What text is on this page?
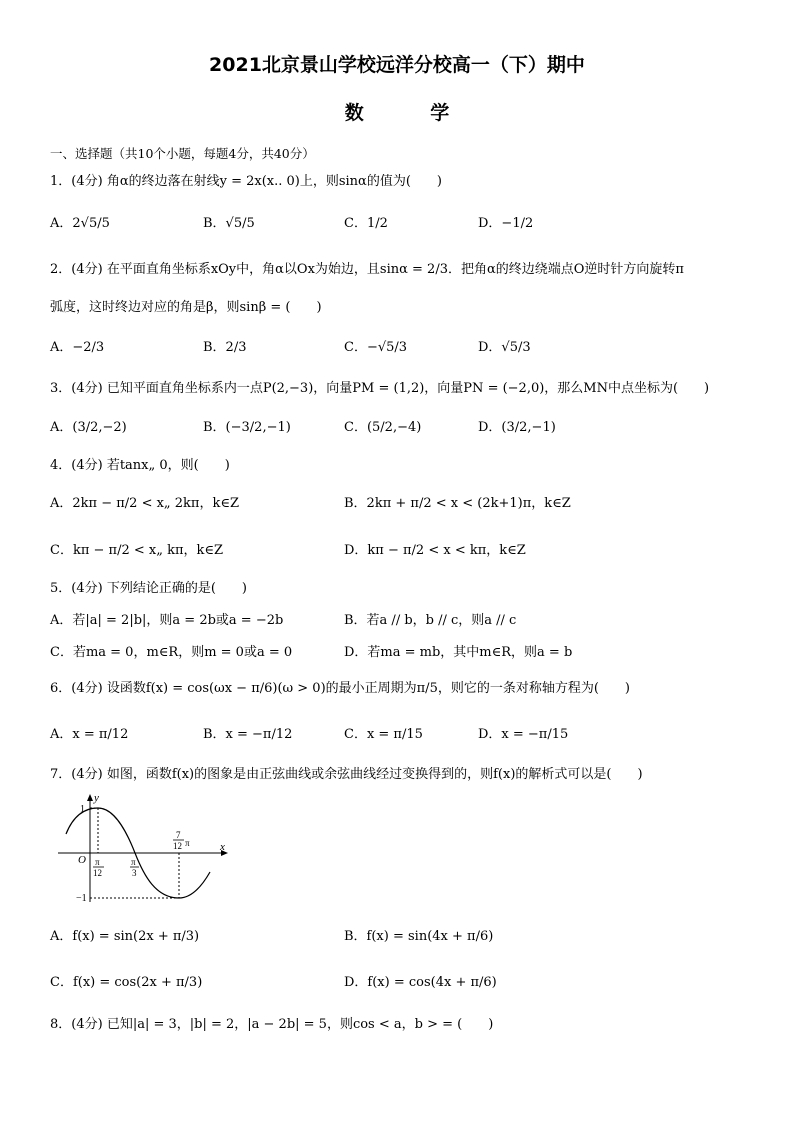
2021北京景山学校远洋分校高一（下）期中
数 学
一、选择题（共10个小题，每题4分，共40分）
1．(4分) 角α的终边落在射线y = 2x(x.. 0)上，则sinα的值为(　　)
A．2√5/5	B．√5/5	C．1/2	D．−1/2
2．(4分) 在平面直角坐标系xOy中，角α以Ox为始边，且sinα = 2/3．把角α的终边绕端点O逆时针方向旋转π
弧度，这时终边对应的角是β，则sinβ = (　　)
A．−2/3	B．2/3	C．−√5/3	D．√5/3
3．(4分) 已知平面直角坐标系内一点P(2,−3)，向量PM = (1,2)，向量PN = (−2,0)，那么MN中点坐标为(　　)
A．(3/2,−2)	B．(−3/2,−1)	C．(5/2,−4)	D．(3/2,−1)
4．(4分) 若tanx„ 0，则(　　)
A．2kπ − π/2 < x„ 2kπ，k∈Z	B．2kπ + π/2 < x < (2k+1)π，k∈Z
C．kπ − π/2 < x„ kπ，k∈Z	D．kπ − π/2 < x < kπ，k∈Z
5．(4分) 下列结论正确的是(　　)
A．若|a| = 2|b|，则a = 2b或a = −2b	B．若a // b，b // c，则a // c
C．若ma = 0，m∈R，则m = 0或a = 0	D．若ma = mb，其中m∈R，则a = b
6．(4分) 设函数f(x) = cos(ωx − π/6)(ω > 0)的最小正周期为π/5，则它的一条对称轴方程为(　　)
A．x = π/12	B．x = −π/12	C．x = π/15	D．x = −π/15
7．(4分) 如图，函数f(x)的图象是由正弦曲线或余弦曲线经过变换得到的，则f(x)的解析式可以是(　　)
y
x
O
1
−1
π
12
π
3
7
12 π
A．f(x) = sin(2x + π/3)	B．f(x) = sin(4x + π/6)
C．f(x) = cos(2x + π/3)	D．f(x) = cos(4x + π/6)
8．(4分) 已知|a| = 3，|b| = 2，|a − 2b| = 5，则cos < a，b > = (　　)
